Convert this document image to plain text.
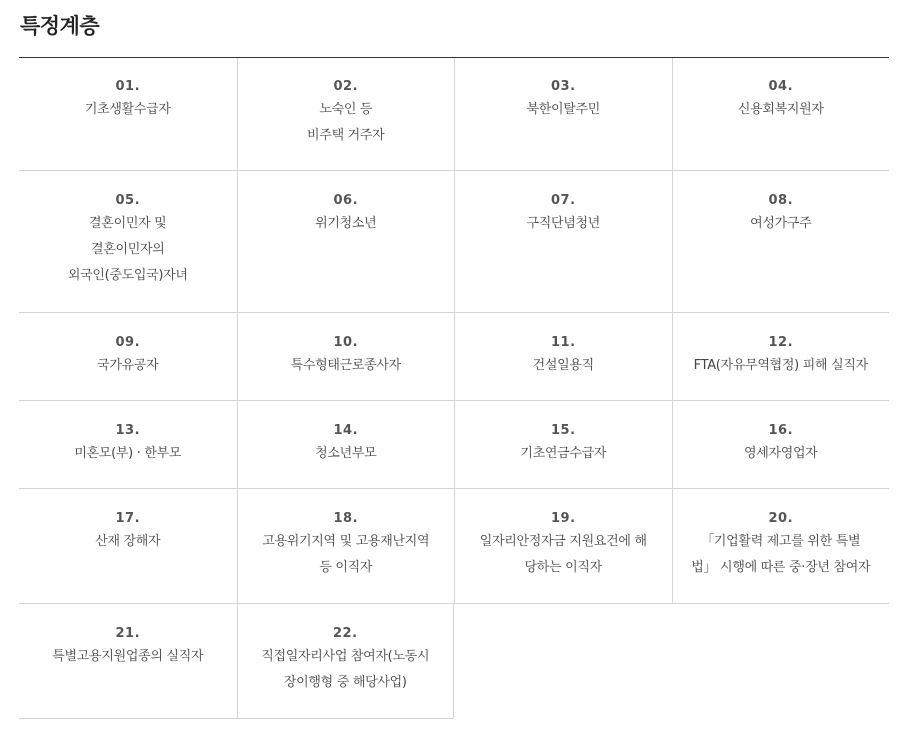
특정계층
01.
기초생활수급자
02.
노숙인 등
비주택 거주자
03.
북한이탈주민
04.
신용회복지원자
05.
결혼이민자 및
결혼이민자의
외국인(중도입국)자녀
06.
위기청소년
07.
구직단념청년
08.
여성가구주
09.
국가유공자
10.
특수형태근로종사자
11.
건설일용직
12.
FTA(자유무역협정) 피해 실직자
13.
미혼모(부) · 한부모
14.
청소년부모
15.
기초연금수급자
16.
영세자영업자
17.
산재 장해자
18.
고용위기지역 및 고용재난지역
등 이직자
19.
일자리안정자금 지원요건에 해
당하는 이직자
20.
「기업활력 제고를 위한 특별
법」 시행에 따른 중·장년 참여자
21.
특별고용지원업종의 실직자
22.
직접일자리사업 참여자(노동시
장이행형 중 해당사업)
